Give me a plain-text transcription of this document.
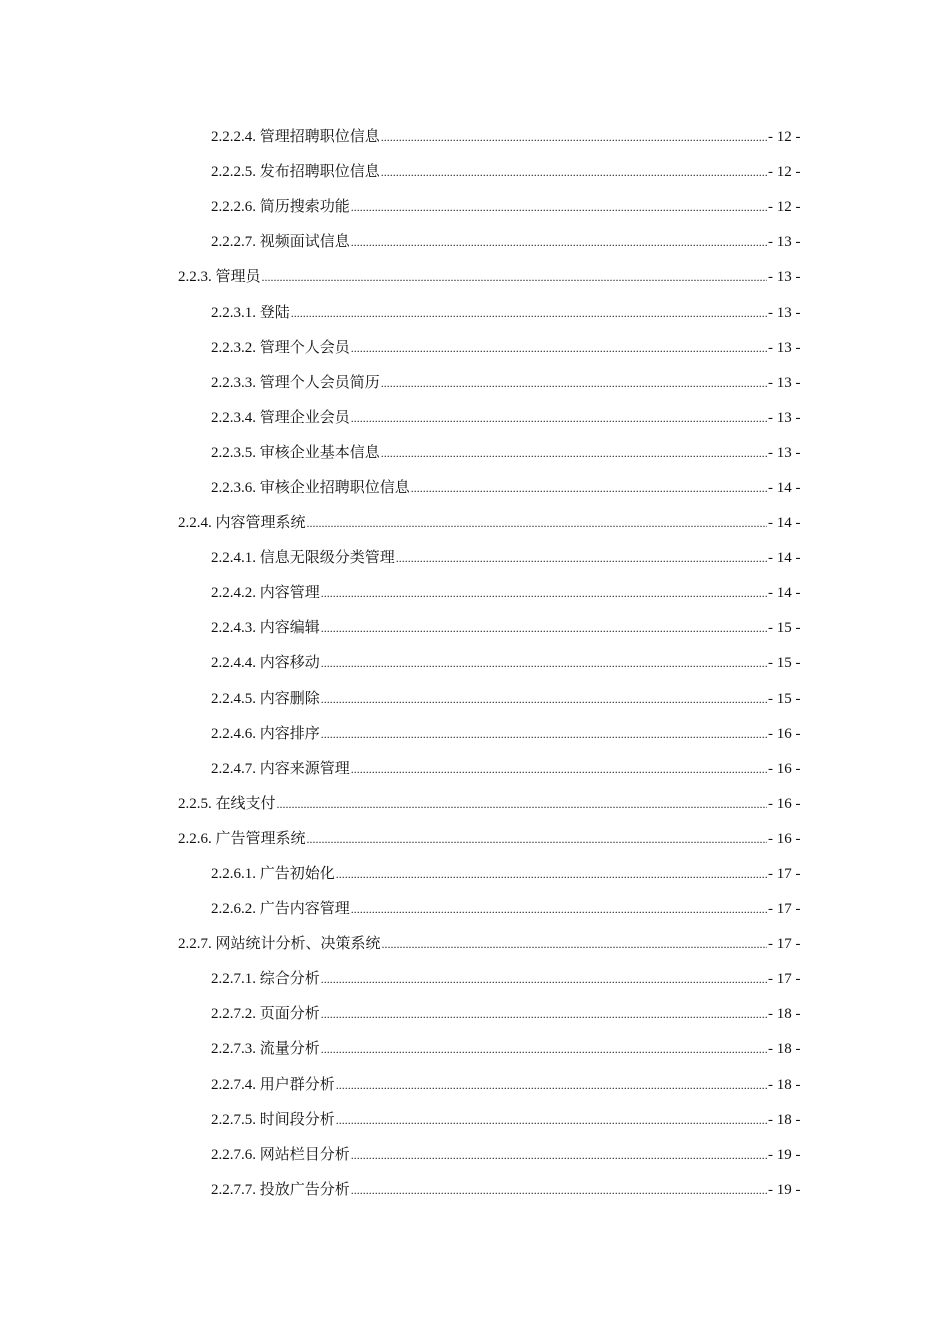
2.2.2.4. 管理招聘职位信息 .....	- 12 -
2.2.2.5. 发布招聘职位信息 .....	- 12 -
2.2.2.6. 简历搜索功能 .....	- 12 -
2.2.2.7. 视频面试信息 .....	- 13 -
2.2.3. 管理员 .....	- 13 -
2.2.3.1. 登陆 .....	- 13 -
2.2.3.2. 管理个人会员 .....	- 13 -
2.2.3.3. 管理个人会员简历 .....	- 13 -
2.2.3.4. 管理企业会员 .....	- 13 -
2.2.3.5. 审核企业基本信息 .....	- 13 -
2.2.3.6. 审核企业招聘职位信息 .....	- 14 -
2.2.4. 内容管理系统 .....	- 14 -
2.2.4.1. 信息无限级分类管理 .....	- 14 -
2.2.4.2. 内容管理 .....	- 14 -
2.2.4.3. 内容编辑 .....	- 15 -
2.2.4.4. 内容移动 .....	- 15 -
2.2.4.5. 内容删除 .....	- 15 -
2.2.4.6. 内容排序 .....	- 16 -
2.2.4.7. 内容来源管理 .....	- 16 -
2.2.5. 在线支付 .....	- 16 -
2.2.6. 广告管理系统 .....	- 16 -
2.2.6.1. 广告初始化 .....	- 17 -
2.2.6.2. 广告内容管理 .....	- 17 -
2.2.7. 网站统计分析、决策系统 .....	- 17 -
2.2.7.1. 综合分析 .....	- 17 -
2.2.7.2. 页面分析 .....	- 18 -
2.2.7.3. 流量分析 .....	- 18 -
2.2.7.4. 用户群分析 .....	- 18 -
2.2.7.5. 时间段分析 .....	- 18 -
2.2.7.6. 网站栏目分析 .....	- 19 -
2.2.7.7. 投放广告分析 .....	- 19 -
